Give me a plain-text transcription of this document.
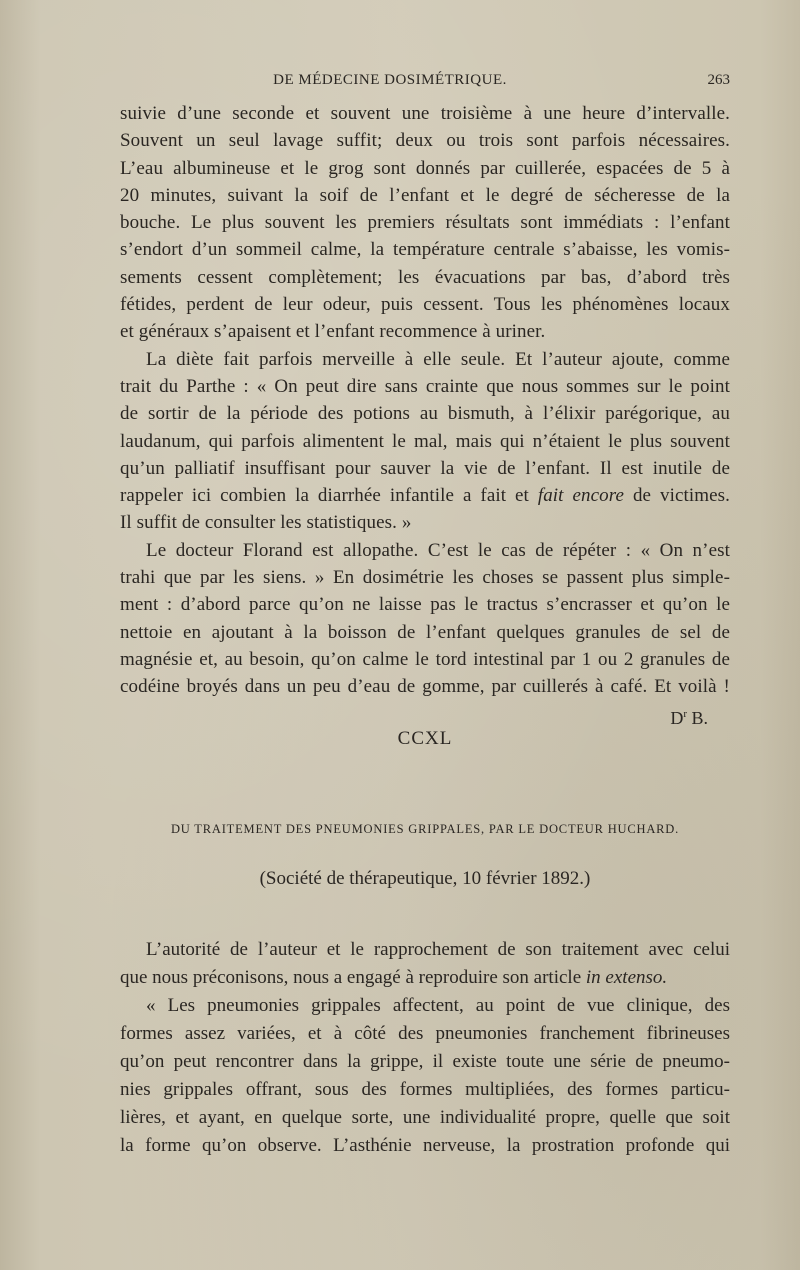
DE MÉDECINE DOSIMÉTRIQUE.	263

suivie d’une seconde et souvent une troisième à une heure d’intervalle.
Souvent un seul lavage suffit; deux ou trois sont parfois nécessaires.
L’eau albumineuse et le grog sont donnés par cuillerée, espacées de 5 à
20 minutes, suivant la soif de l’enfant et le degré de sécheresse de la
bouche. Le plus souvent les premiers résultats sont immédiats : l’enfant
s’endort d’un sommeil calme, la température centrale s’abaisse, les vomis-
sements cessent complètement; les évacuations par bas, d’abord très
fétides, perdent de leur odeur, puis cessent. Tous les phénomènes locaux
et généraux s’apaisent et l’enfant recommence à uriner.

La diète fait parfois merveille à elle seule. Et l’auteur ajoute, comme
trait du Parthe : « On peut dire sans crainte que nous sommes sur le point
de sortir de la période des potions au bismuth, à l’élixir parégorique, au
laudanum, qui parfois alimentent le mal, mais qui n’étaient le plus souvent
qu’un palliatif insuffisant pour sauver la vie de l’enfant. Il est inutile de
rappeler ici combien la diarrhée infantile a fait et fait encore de victimes.
Il suffit de consulter les statistiques. »

Le docteur Florand est allopathe. C’est le cas de répéter : « On n’est
trahi que par les siens. » En dosimétrie les choses se passent plus simple-
ment : d’abord parce qu’on ne laisse pas le tractus s’encrasser et qu’on le
nettoie en ajoutant à la boisson de l’enfant quelques granules de sel de
magnésie et, au besoin, qu’on calme le tord intestinal par 1 ou 2 granules de
codéine broyés dans un peu d’eau de gomme, par cuillerés à café. Et voilà !

$D^r$ B.

CCXL
DU TRAITEMENT DES PNEUMONIES GRIPPALES, PAR LE DOCTEUR HUCHARD.
(Société de thérapeutique, 10 février 1892.)

L’autorité de l’auteur et le rapprochement de son traitement avec celui
que nous préconisons, nous a engagé à reproduire son article in extenso.

« Les pneumonies grippales affectent, au point de vue clinique, des
formes assez variées, et à côté des pneumonies franchement fibrineuses
qu’on peut rencontrer dans la grippe, il existe toute une série de pneumo-
nies grippales offrant, sous des formes multipliées, des formes particu-
lières, et ayant, en quelque sorte, une individualité propre, quelle que soit
la forme qu’on observe. L’asthénie nerveuse, la prostration profonde qui
